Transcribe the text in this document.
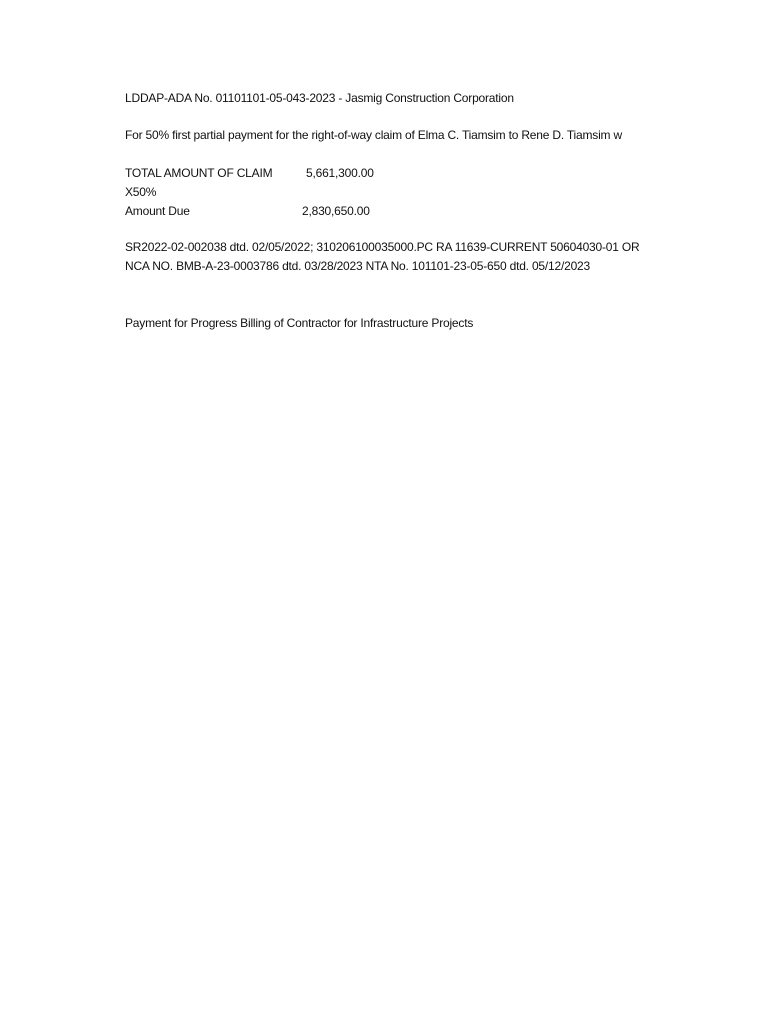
LDDAP-ADA No. 01101101-05-043-2023 - Jasmig Construction Corporation
For 50% first partial payment for the right-of-way claim of Elma C. Tiamsim to Rene D. Tiamsim w
TOTAL AMOUNT OF CLAIM	5,661,300.00
X50%
Amount Due	2,830,650.00
SR2022-02-002038 dtd. 02/05/2022; 310206100035000.PC RA 11639-CURRENT 50604030-01 OR
NCA NO. BMB-A-23-0003786 dtd. 03/28/2023 NTA No. 101101-23-05-650 dtd. 05/12/2023
Payment for Progress Billing of Contractor for Infrastructure Projects
